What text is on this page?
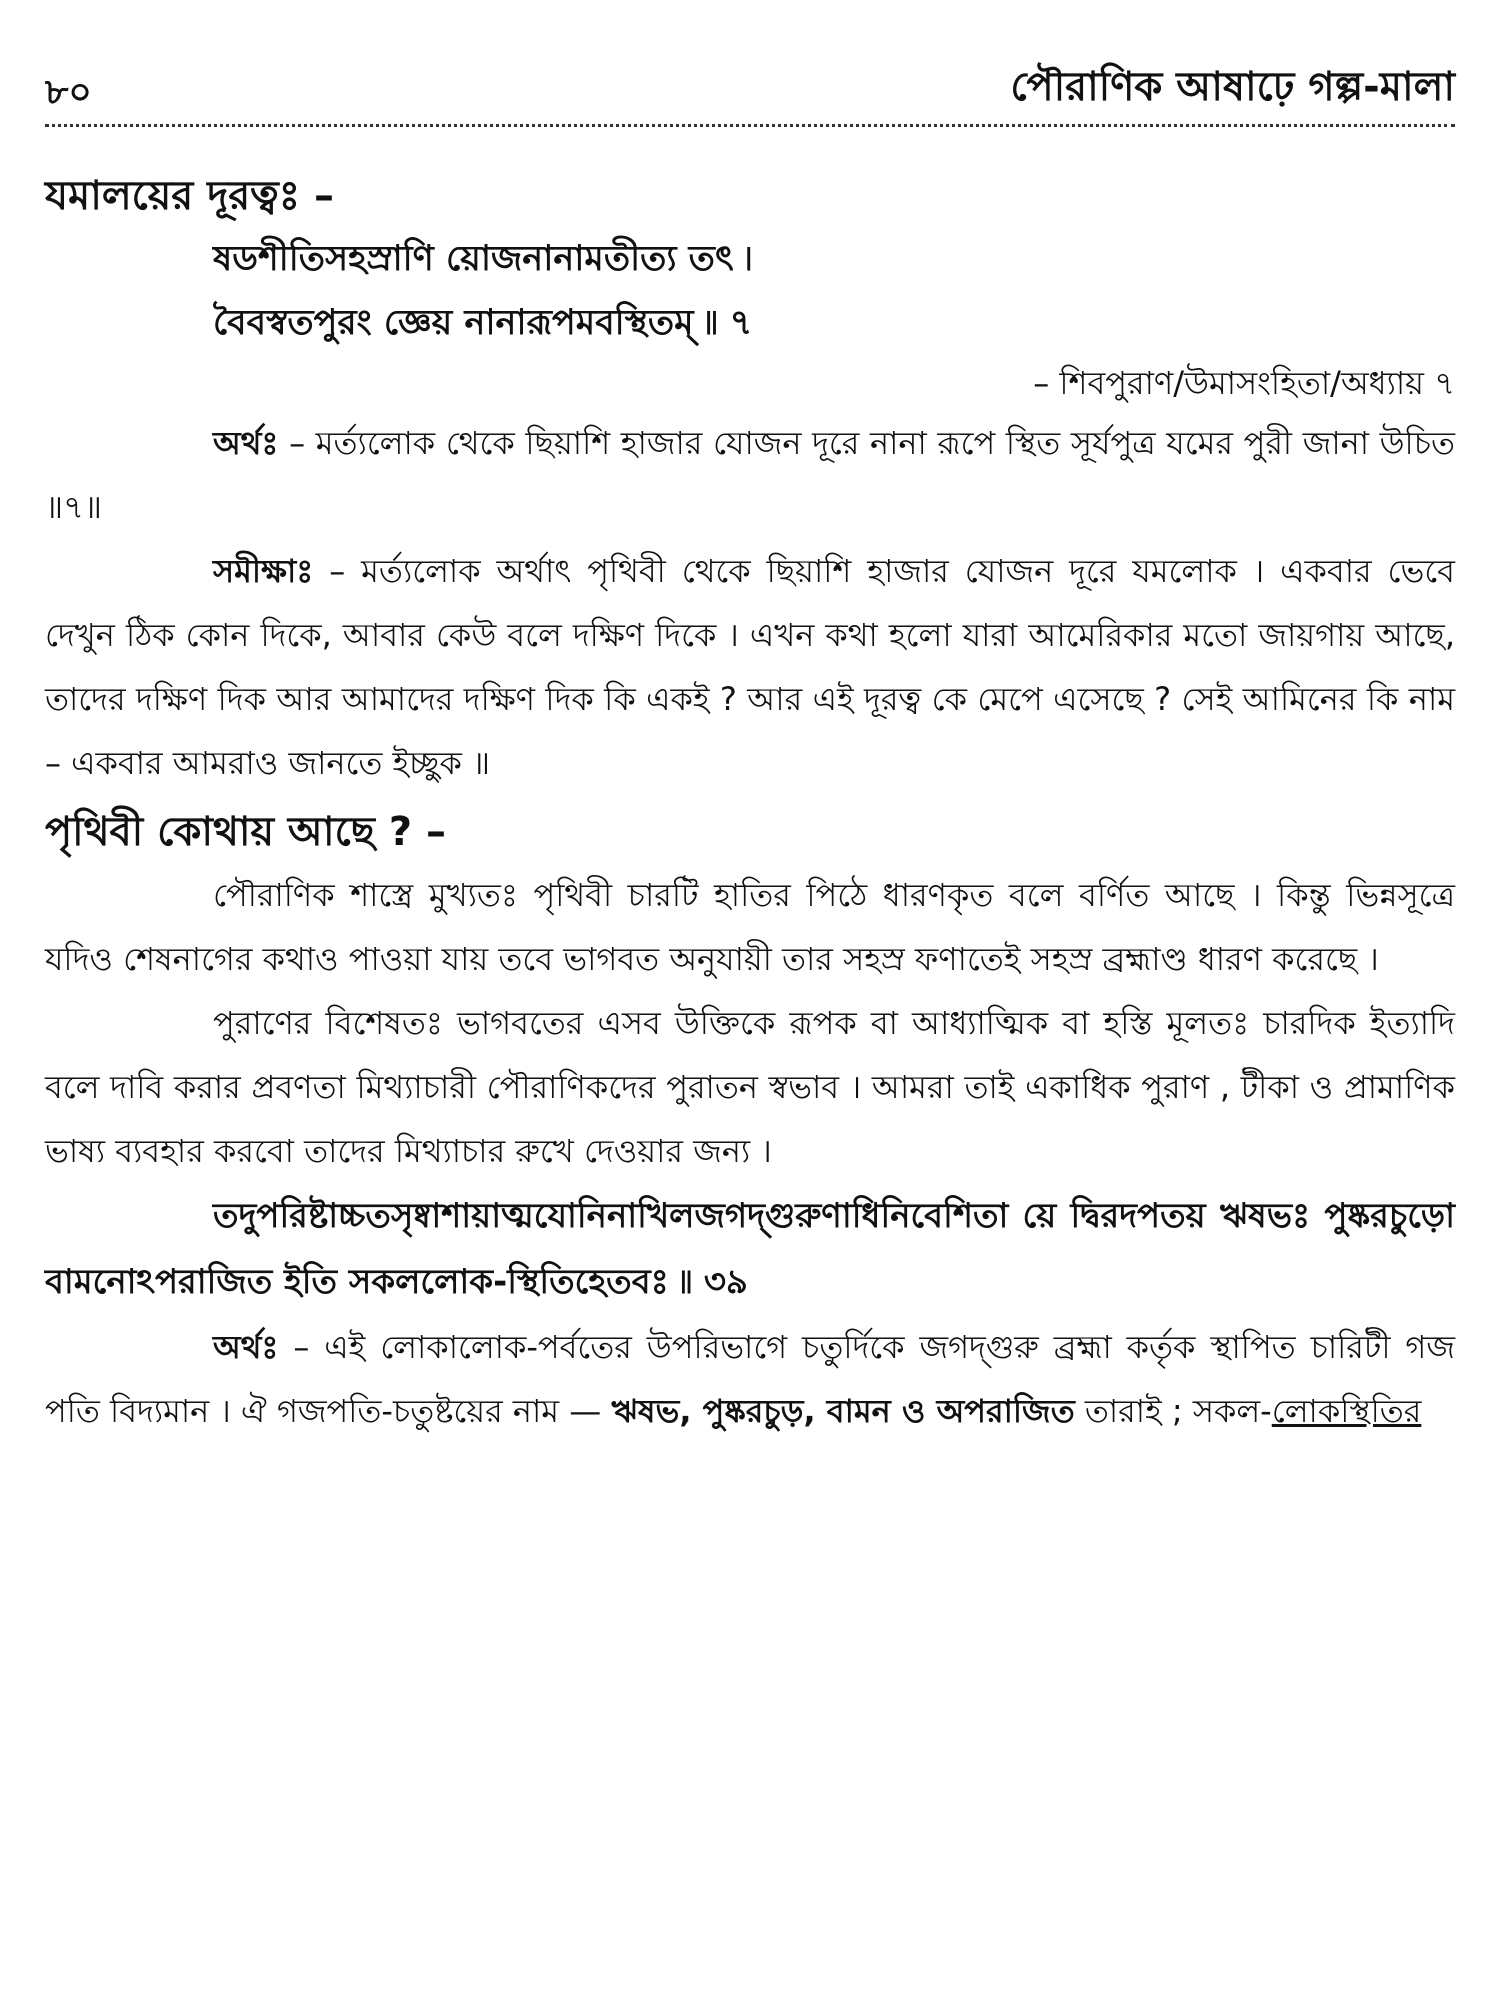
৮০	পৌরাণিক আষাঢ়ে গল্প-মালা

যমালয়ের দূরত্বঃ –

ষডশীতিসহস্রাণি য়োজনানামতীত্য তৎ ৷

বৈবস্বতপুরং জ্ঞেয় নানারূপমবস্থিতম্ ৷৷ ৭

– শিবপুরাণ/উমাসংহিতা/অধ্যায় ৭

অর্থঃ – মর্ত্যলোক থেকে ছিয়াশি হাজার যোজন দূরে নানা রূপে স্থিত সূর্যপুত্র যমের পুরী জানা উচিত ॥৭॥

সমীক্ষাঃ – মর্ত্যলোক অর্থাৎ পৃথিবী থেকে ছিয়াশি হাজার যোজন দূরে যমলোক । একবার ভেবে দেখুন ঠিক কোন দিকে, আবার কেউ বলে দক্ষিণ দিকে । এখন কথা হলো যারা আমেরিকার মতো জায়গায় আছে, তাদের দক্ষিণ দিক আর আমাদের দক্ষিণ দিক কি একই ? আর এই দূরত্ব কে মেপে এসেছে ? সেই আমিনের কি নাম – একবার আমরাও জানতে ইচ্ছুক ॥

পৃথিবী কোথায় আছে ? –

পৌরাণিক শাস্ত্রে মুখ্যতঃ পৃথিবী চারটি হাতির পিঠে ধারণকৃত বলে বর্ণিত আছে । কিন্তু ভিন্নসূত্রে যদিও শেষনাগের কথাও পাওয়া যায় তবে ভাগবত অনুযায়ী তার সহস্র ফণাতেই সহস্র ব্রহ্মাণ্ড ধারণ করেছে ।

পুরাণের বিশেষতঃ ভাগবতের এসব উক্তিকে রূপক বা আধ্যাত্মিক বা হস্তি মূলতঃ চারদিক ইত্যাদি বলে দাবি করার প্রবণতা মিথ্যাচারী পৌরাণিকদের পুরাতন স্বভাব । আমরা তাই একাধিক পুরাণ , টীকা ও প্রামাণিক ভাষ্য ব্যবহার করবো তাদের মিথ্যাচার রুখে দেওয়ার জন্য ।

তদুপরিষ্টাচ্চতসৃষ্বাশায়াত্মযোনিনাখিলজগদ্গুরুণাধিনিবেশিতা য়ে দ্বিরদপতয় ঋষভঃ পুষ্করচুড়ো বামনোঽপরাজিত ইতি সকললোক-স্থিতিহেতবঃ ৷৷ ৩৯

অর্থঃ – এই লোকালোক-পর্বতের উপরিভাগে চতুর্দিকে জগদ্গুরু ব্রহ্মা কর্তৃক স্থাপিত চারিটী গজ পতি বিদ্যমান । ঐ গজপতি-চতুষ্টয়ের নাম — ঋষভ, পুষ্করচুড়, বামন ও অপরাজিত তারাই ; সকল-লোকস্থিতির
